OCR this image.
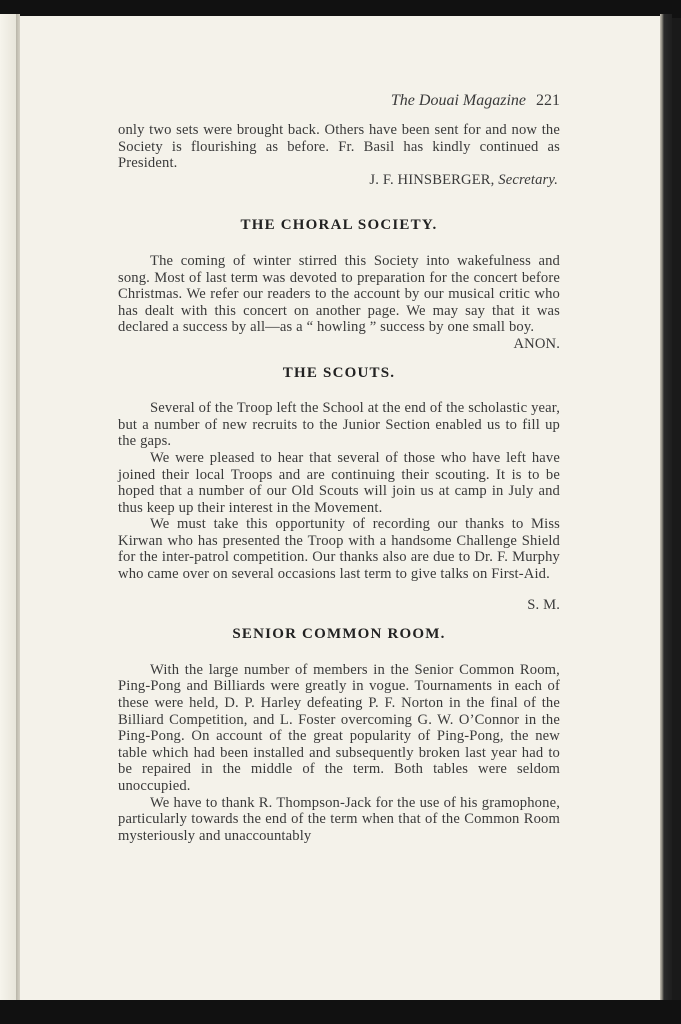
The Douai Magazine 221

only two sets were brought back. Others have been sent for and now the Society is flourishing as before. Fr. Basil has kindly continued as President.

J. F. HINSBERGER, Secretary.

THE CHORAL SOCIETY.

The coming of winter stirred this Society into wakefulness and song. Most of last term was devoted to preparation for the concert before Christmas. We refer our readers to the account by our musical critic who has dealt with this concert on another page. We may say that it was declared a success by all—as a “ howling ” success by one small boy.

ANON.

THE SCOUTS.

Several of the Troop left the School at the end of the scholastic year, but a number of new recruits to the Junior Section enabled us to fill up the gaps.

We were pleased to hear that several of those who have left have joined their local Troops and are continuing their scouting. It is to be hoped that a number of our Old Scouts will join us at camp in July and thus keep up their interest in the Movement.

We must take this opportunity of recording our thanks to Miss Kirwan who has presented the Troop with a handsome Challenge Shield for the inter-patrol competition. Our thanks also are due to Dr. F. Murphy who came over on several occasions last term to give talks on First-Aid.

S. M.

SENIOR COMMON ROOM.

With the large number of members in the Senior Common Room, Ping-Pong and Billiards were greatly in vogue. Tournaments in each of these were held, D. P. Harley defeating P. F. Norton in the final of the Billiard Competition, and L. Foster overcoming G. W. O’Connor in the Ping-Pong. On account of the great popularity of Ping-Pong, the new table which had been installed and subsequently broken last year had to be repaired in the middle of the term. Both tables were seldom unoccupied.

We have to thank R. Thompson-Jack for the use of his gramophone, particularly towards the end of the term when that of the Common Room mysteriously and unaccountably
